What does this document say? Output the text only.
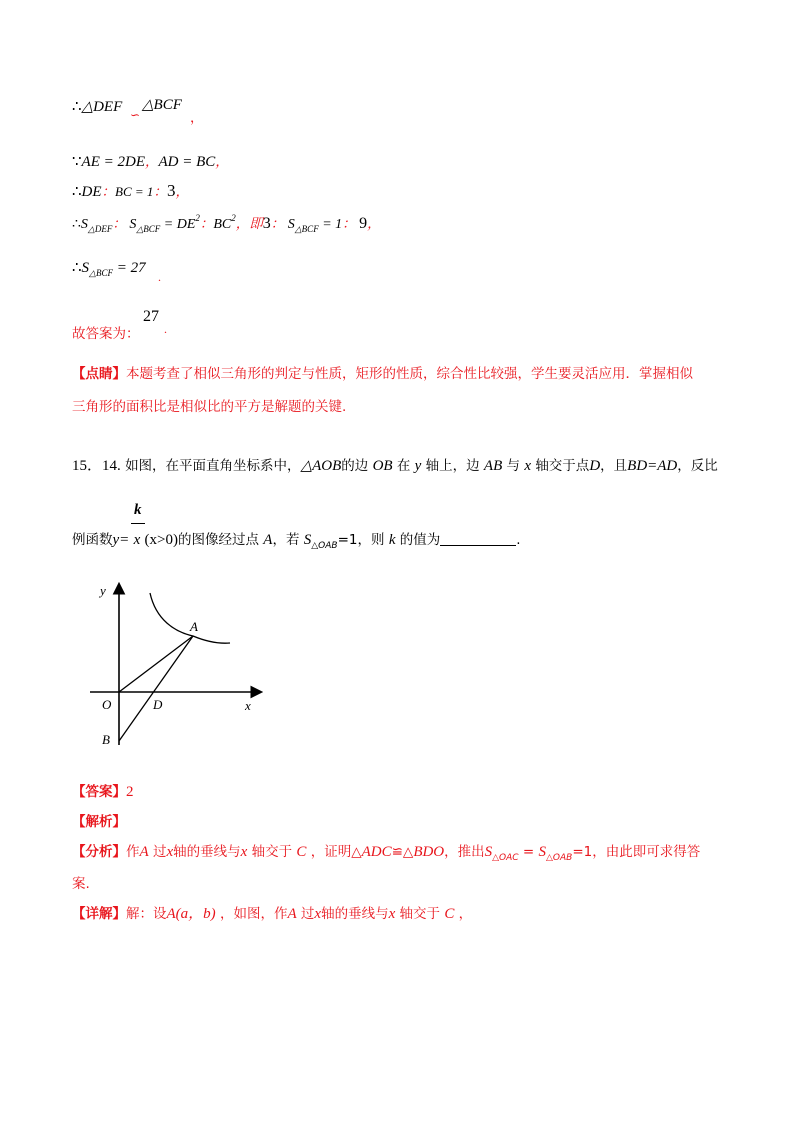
∴△DEF ∽
△BCF
，
∵AE = 2DE，AD = BC，
∴DE：BC = 1：3，
$\therefore S_{\triangle DEF}$： $S_{\triangle BCF} = DE^2$：$BC^2$，即3： $S_{\triangle BCF} = 1$： 9，
$\therefore S_{\triangle BCF} = 27$
.
故答案为：
27
.
【点睛】本题考查了相似三角形的判定与性质，矩形的性质，综合性比较强，学生要灵活应用．掌握相似
三角形的面积比是相似比的平方是解题的关键.
15．14. 如图，在平面直角坐标系中，△AOB的边 OB 在 y 轴上，边 AB 与 x 轴交于点D，且BD=AD，反比
k
例函数y= x (x>0)的图像经过点 A，若 $S_{\triangle OAB}=1$，则 k 的值为	.
y
x
O
A
B
D
【答案】2
【解析】
【分析】作A 过x轴的垂线与x 轴交于 C ，证明△ADC≌△BDO，推出$S_{\triangle OAC} = S_{\triangle OAB}=1$，由此即可求得答
案.
【详解】解：设A(a，b) ，如图，作A 过x轴的垂线与x 轴交于 C ，
